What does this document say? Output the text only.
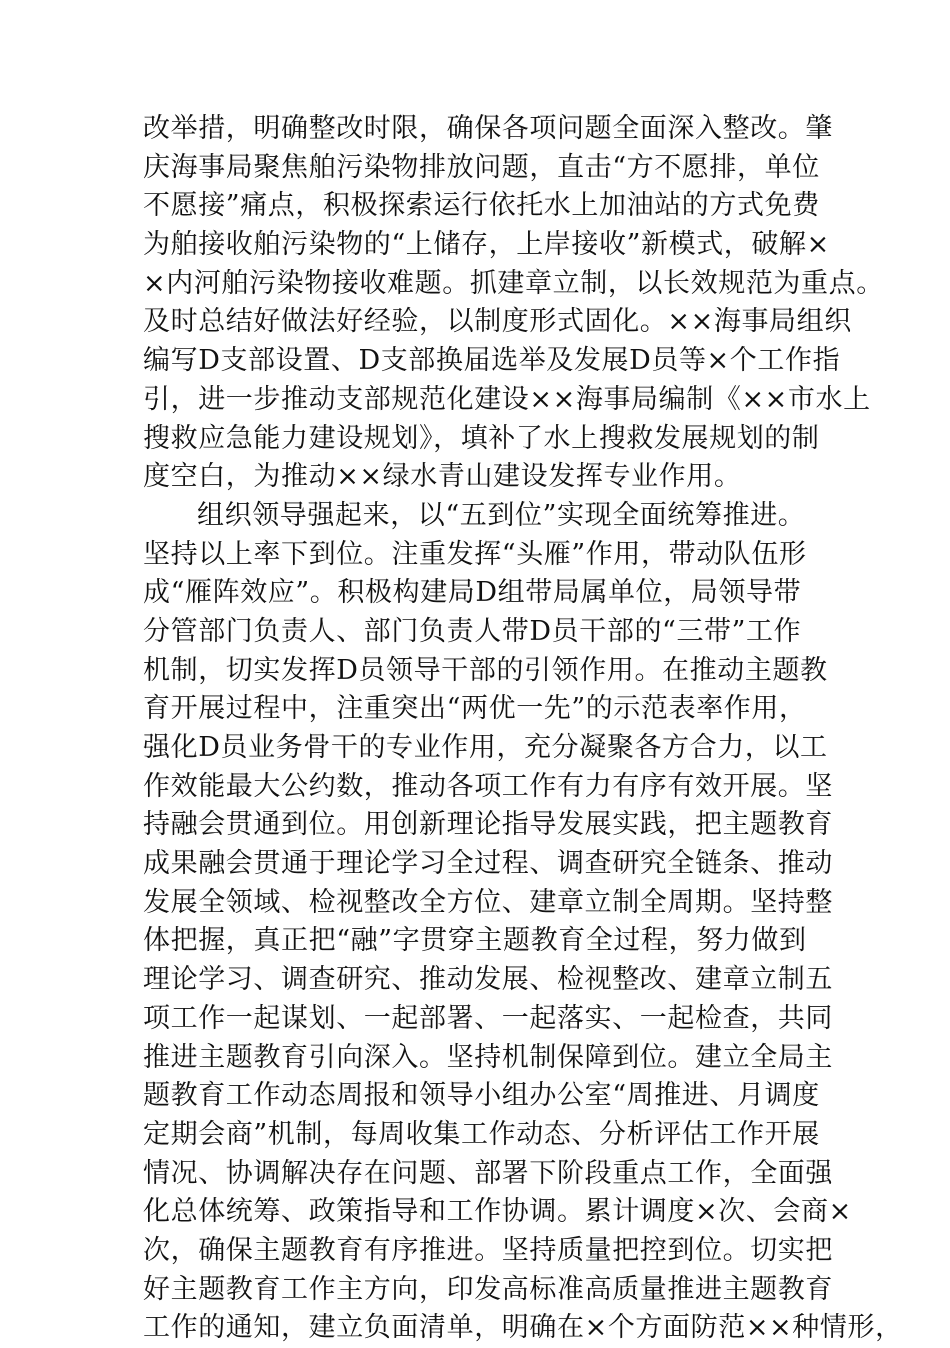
改举措，明确整改时限，确保各项问题全面深入整改。肇
庆海事局聚焦舶污染物排放问题，直击“方不愿排，单位
不愿接”痛点，积极探索运行依托水上加油站的方式免费
为舶接收舶污染物的“上储存，上岸接收”新模式，破解×
×内河舶污染物接收难题。抓建章立制，以长效规范为重点。
及时总结好做法好经验，以制度形式固化。××海事局组织
编写D支部设置、D支部换届选举及发展D员等×个工作指
引，进一步推动支部规范化建设××海事局编制《××市水上
搜救应急能力建设规划》，填补了水上搜救发展规划的制
度空白，为推动××绿水青山建设发挥专业作用。
组织领导强起来，以“五到位”实现全面统筹推进。
坚持以上率下到位。注重发挥“头雁”作用，带动队伍形
成“雁阵效应”。积极构建局D组带局属单位，局领导带
分管部门负责人、部门负责人带D员干部的“三带”工作
机制，切实发挥D员领导干部的引领作用。在推动主题教
育开展过程中，注重突出“两优一先”的示范表率作用，
强化D员业务骨干的专业作用，充分凝聚各方合力，以工
作效能最大公约数，推动各项工作有力有序有效开展。坚
持融会贯通到位。用创新理论指导发展实践，把主题教育
成果融会贯通于理论学习全过程、调查研究全链条、推动
发展全领域、检视整改全方位、建章立制全周期。坚持整
体把握，真正把“融”字贯穿主题教育全过程，努力做到
理论学习、调查研究、推动发展、检视整改、建章立制五
项工作一起谋划、一起部署、一起落实、一起检查，共同
推进主题教育引向深入。坚持机制保障到位。建立全局主
题教育工作动态周报和领导小组办公室“周推进、月调度
定期会商”机制，每周收集工作动态、分析评估工作开展
情况、协调解决存在问题、部署下阶段重点工作，全面强
化总体统筹、政策指导和工作协调。累计调度×次、会商×
次，确保主题教育有序推进。坚持质量把控到位。切实把
好主题教育工作主方向，印发高标准高质量推进主题教育
工作的通知，建立负面清单，明确在×个方面防范××种情形，
